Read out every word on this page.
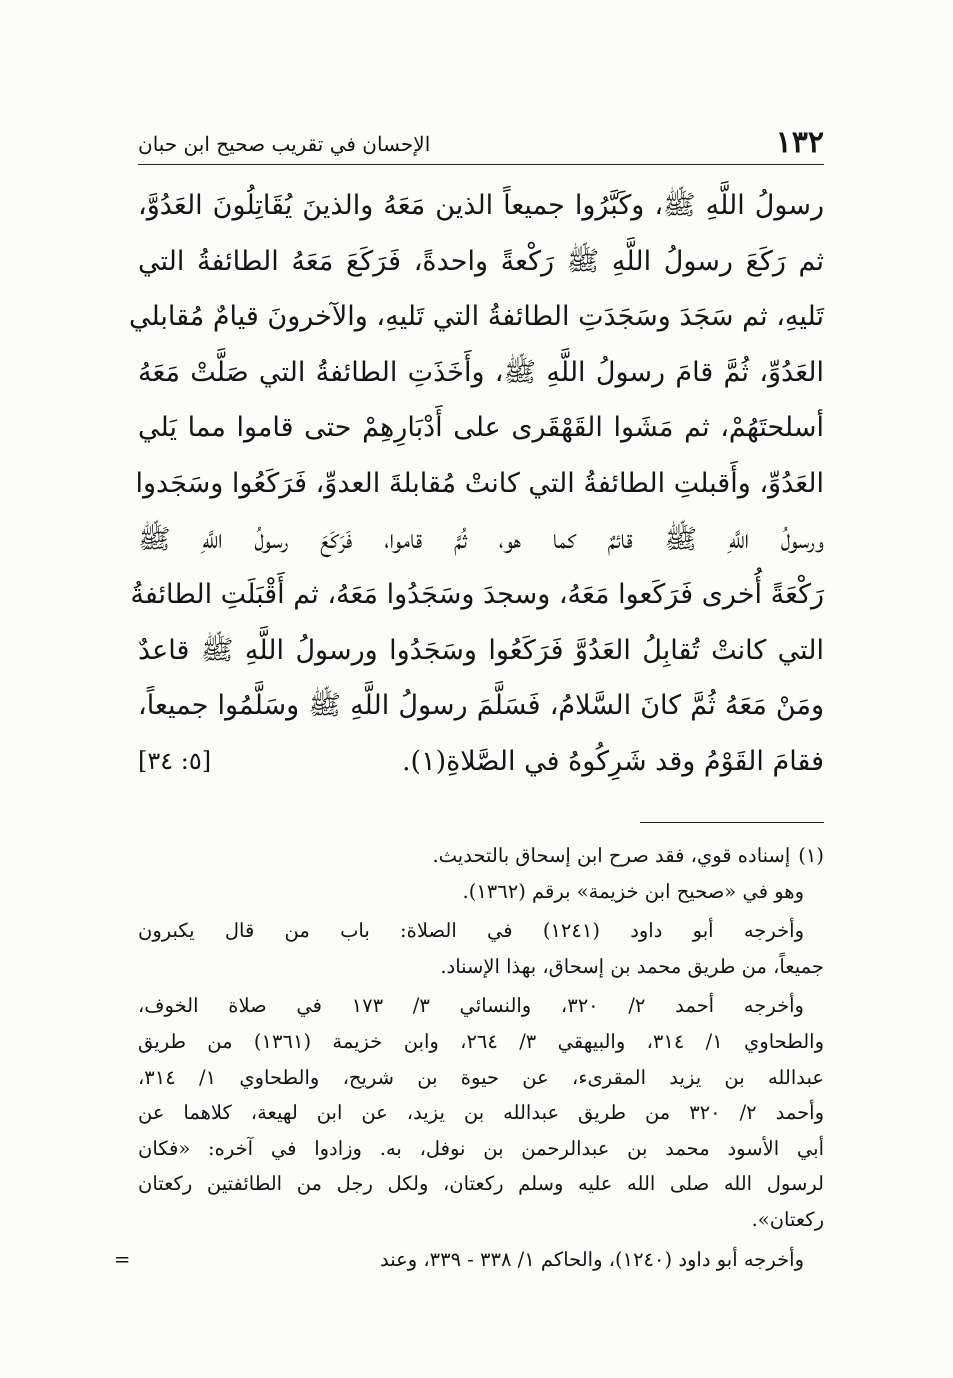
١٣٢
الإحسان في تقريب صحيح ابن حبان
رسولُ اللَّهِ ﷺ، وكَبَّرُوا جميعاً الذين مَعَهُ والذينَ يُقَاتِلُونَ العَدُوَّ،
ثم رَكَعَ رسولُ اللَّهِ ﷺ رَكْعةً واحدةً، فَرَكَعَ مَعَهُ الطائفةُ التي
تَليهِ، ثم سَجَدَ وسَجَدَتِ الطائفةُ التي تَليهِ، والآخرونَ قيامٌ مُقابلي
العَدُوِّ، ثُمَّ قامَ رسولُ اللَّهِ ﷺ، وأَخَذَتِ الطائفةُ التي صَلَّتْ مَعَهُ
أسلحتَهُمْ، ثم مَشَوا القَهْقَرى على أَدْبَارِهِمْ حتى قاموا مما يَلي
العَدُوِّ، وأَقبلتِ الطائفةُ التي كانتْ مُقابلةَ العدوِّ، فَرَكَعُوا وسَجَدوا
ورسولُ اللَّهِ ﷺ قائمٌ كما هو، ثُمَّ قاموا، فَرَكَعَ رسولُ اللَّهِ ﷺ
رَكْعَةً أُخرى فَرَكَعوا مَعَهُ، وسجدَ وسَجَدُوا مَعَهُ، ثم أَقْبَلَتِ الطائفةُ
التي كانتْ تُقابِلُ العَدُوَّ فَرَكَعُوا وسَجَدُوا ورسولُ اللَّهِ ﷺ قاعدٌ
ومَنْ مَعَهُ ثُمَّ كانَ السَّلامُ، فَسَلَّمَ رسولُ اللَّهِ ﷺ وسَلَّمُوا جميعاً،
فقامَ القَوْمُ وقد شَرِكُوهُ في الصَّلاةِ(١).
[٥: ٣٤]
(١)إسناده قوي، فقد صرح ابن إسحاق بالتحديث.
وهو في «صحيح ابن خزيمة» برقم (١٣٦٢).
وأخرجه أبو داود (١٢٤١) في الصلاة: باب من قال يكبرون
جميعاً، من طريق محمد بن إسحاق، بهذا الإسناد.
وأخرجه أحمد ٢/ ٣٢٠، والنسائي ٣/ ١٧٣ في صلاة الخوف،
والطحاوي ١/ ٣١٤، والبيهقي ٣/ ٢٦٤، وابن خزيمة (١٣٦١) من طريق
عبدالله بن يزيد المقرىء، عن حيوة بن شريح، والطحاوي ١/ ٣١٤،
وأحمد ٢/ ٣٢٠ من طريق عبدالله بن يزيد، عن ابن لهيعة، كلاهما عن
أبي الأسود محمد بن عبدالرحمن بن نوفل، به. وزادوا في آخره: «فكان
لرسول الله صلى الله عليه وسلم ركعتان، ولكل رجل من الطائفتين ركعتان
ركعتان».
وأخرجه أبو داود (١٢٤٠)، والحاكم ١/ ٣٣٨ - ٣٣٩، وعند
=
